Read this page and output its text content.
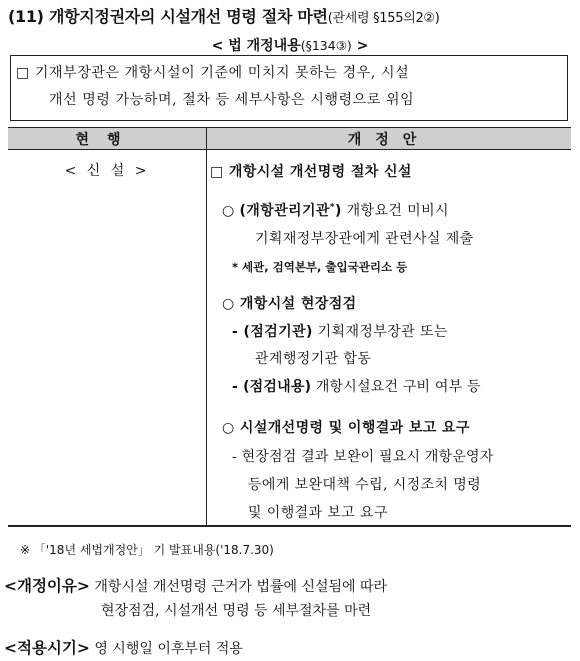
(11) 개항지정권자의 시설개선 명령 절차 마련(관세령 §155의2②)
< 법 개정내용(§134③) >
□ 기재부장관은 개항시설이 기준에 미치지 못하는 경우, 시설
개선 명령 가능하며, 절차 등 세부사항은 시행령으로 위임
현행	개정안
< 신 설 >	□ 개항시설 개선명령 절차 신설
○ (개항관리기관*) 개항요건 미비시
기획재정부장관에게 관련사실 제출
* 세관, 검역본부, 출입국관리소 등
○ 개항시설 현장점검
- (점검기관) 기획재정부장관 또는
관계행정기관 합동
- (점검내용) 개항시설요건 구비 여부 등
○ 시설개선명령 및 이행결과 보고 요구
- 현장점검 결과 보완이 필요시 개항운영자
등에게 보완대책 수립, 시정조치 명령
및 이행결과 보고 요구
※ 「'18년 세법개정안」 기 발표내용('18.7.30)
<개정이유> 개항시설 개선명령 근거가 법률에 신설됨에 따라
현장점검, 시설개선 명령 등 세부절차를 마련
<적용시기> 영 시행일 이후부터 적용
